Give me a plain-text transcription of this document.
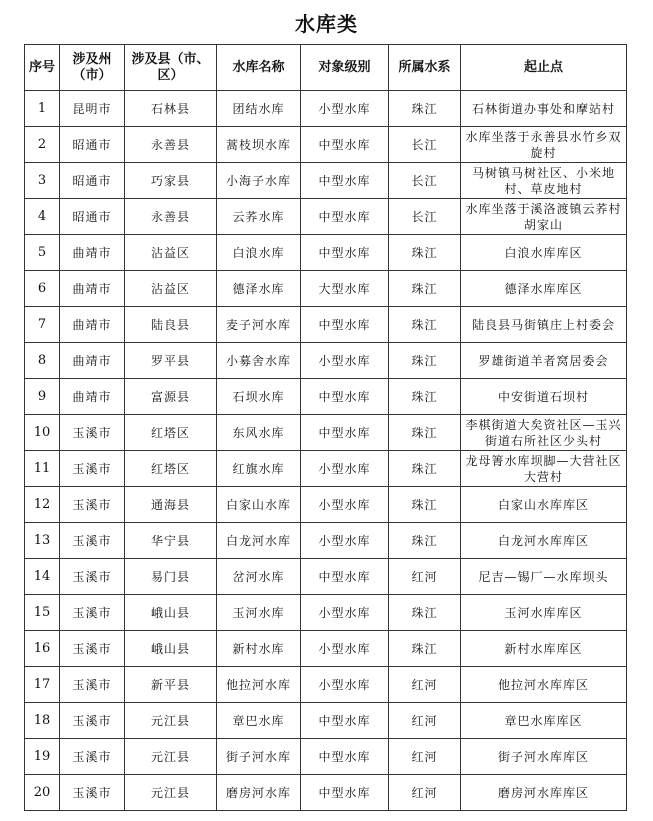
水库类
序号	涉及州（市）	涉及县（市、区）	水库名称	对象级别	所属水系	起止点
1	昆明市	石林县	团结水库	小型水库	珠江	石林街道办事处和摩站村
2	昭通市	永善县	蒿枝坝水库	中型水库	长江	水库坐落于永善县水竹乡双旋村
3	昭通市	巧家县	小海子水库	中型水库	长江	马树镇马树社区、小米地村、草皮地村
4	昭通市	永善县	云荞水库	中型水库	长江	水库坐落于溪洛渡镇云荞村胡家山
5	曲靖市	沾益区	白浪水库	中型水库	珠江	白浪水库库区
6	曲靖市	沾益区	德泽水库	大型水库	珠江	德泽水库库区
7	曲靖市	陆良县	麦子河水库	中型水库	珠江	陆良县马街镇庄上村委会
8	曲靖市	罗平县	小募舍水库	小型水库	珠江	罗雄街道羊者窝居委会
9	曲靖市	富源县	石坝水库	中型水库	珠江	中安街道石坝村
10	玉溪市	红塔区	东风水库	中型水库	珠江	李棋街道大矣资社区—玉兴街道右所社区少头村
11	玉溪市	红塔区	红旗水库	小型水库	珠江	龙母箐水库坝脚—大营社区大营村
12	玉溪市	通海县	白家山水库	小型水库	珠江	白家山水库库区
13	玉溪市	华宁县	白龙河水库	小型水库	珠江	白龙河水库库区
14	玉溪市	易门县	岔河水库	中型水库	红河	尼吉—锡厂—水库坝头
15	玉溪市	峨山县	玉河水库	小型水库	珠江	玉河水库库区
16	玉溪市	峨山县	新村水库	小型水库	珠江	新村水库库区
17	玉溪市	新平县	他拉河水库	小型水库	红河	他拉河水库库区
18	玉溪市	元江县	章巴水库	中型水库	红河	章巴水库库区
19	玉溪市	元江县	街子河水库	中型水库	红河	街子河水库库区
20	玉溪市	元江县	磨房河水库	中型水库	红河	磨房河水库库区
